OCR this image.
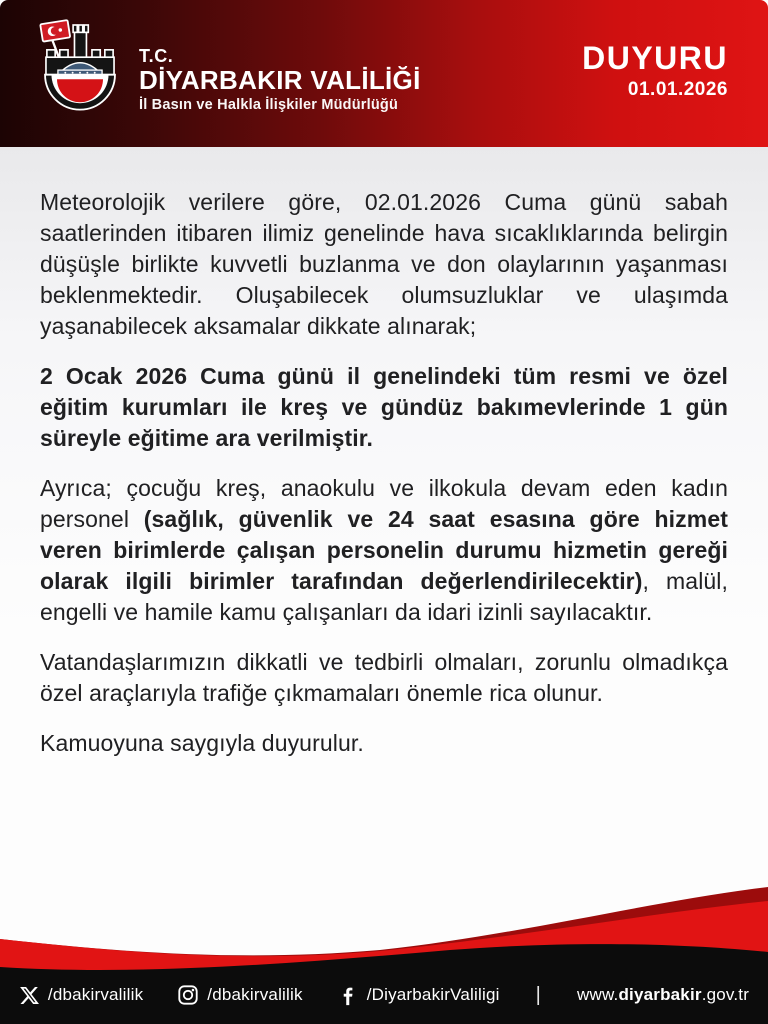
T.C.
DİYARBAKIR VALİLİĞİ
İl Basın ve Halkla İlişkiler Müdürlüğü
DUYURU
01.01.2026

Meteorolojik verilere göre, 02.01.2026 Cuma günü sabah saatlerinden itibaren ilimiz genelinde hava sıcaklıklarında belirgin düşüşle birlikte kuvvetli buzlanma ve don olaylarının yaşanması beklenmektedir. Oluşabilecek olumsuzluklar ve ulaşımda yaşanabilecek aksamalar dikkate alınarak;

2 Ocak 2026 Cuma günü il genelindeki tüm resmi ve özel eğitim kurumları ile kreş ve gündüz bakımevlerinde 1 gün süreyle eğitime ara verilmiştir.

Ayrıca; çocuğu kreş, anaokulu ve ilkokula devam eden kadın personel (sağlık, güvenlik ve 24 saat esasına göre hizmet veren birimlerde çalışan personelin durumu hizmetin gereği olarak ilgili birimler tarafından değerlendirilecektir), malül, engelli ve hamile kamu çalışanları da idari izinli sayılacaktır.

Vatandaşlarımızın dikkatli ve tedbirli olmaları, zorunlu olmadıkça özel araçlarıyla trafiğe çıkmamaları önemle rica olunur.

Kamuoyuna saygıyla duyurulur.

/dbakirvalilik	/dbakirvalilik	/DiyarbakirValiligi | www.diyarbakir.gov.tr
